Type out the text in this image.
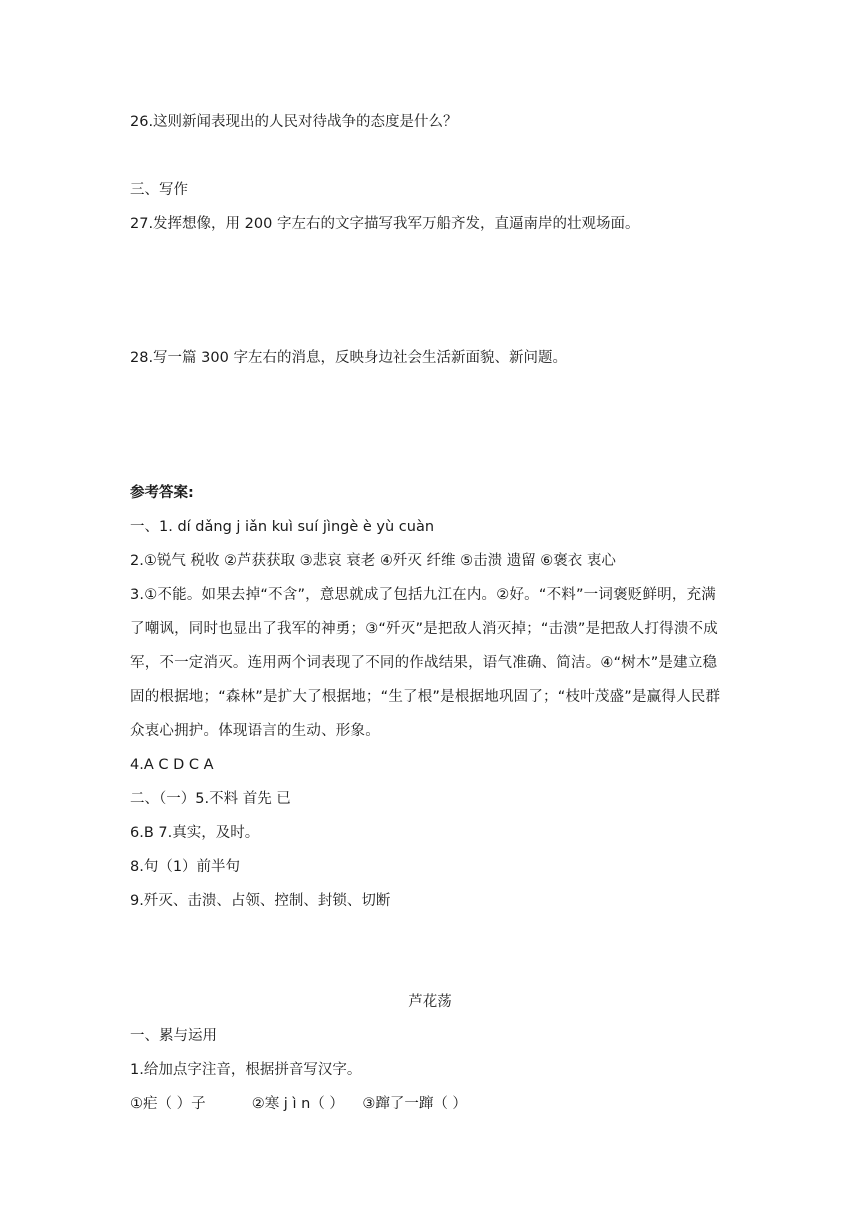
26.这则新闻表现出的人民对待战争的态度是什么？
三、写作
27.发挥想像，用 200 字左右的文字描写我军万船齐发，直逼南岸的壮观场面。
28.写一篇 300 字左右的消息，反映身边社会生活新面貌、新问题。
参考答案:
一、1. dí dǎng j iǎn kuì suí jìngè è yù cuàn
2.①锐气 税收 ②芦获获取 ③悲哀 衰老 ④歼灭 纤维 ⑤击溃 遗留 ⑥褒衣 衷心
3.①不能。如果去掉“不含”，意思就成了包括九江在内。②好。“不料”一词褒贬鲜明，充满了嘲讽，同时也显出了我军的神勇；③“歼灭”是把敌人消灭掉；“击溃”是把敌人打得溃不成军，不一定消灭。连用两个词表现了不同的作战结果，语气准确、简洁。④“树木”是建立稳固的根据地；“森林”是扩大了根据地；“生了根”是根据地巩固了；“枝叶茂盛”是赢得人民群众衷心拥护。体现语言的生动、形象。
4.A C D C A
二、（一）5.不料 首先 已
6.B 7.真实，及时。
8.句（1）前半句
9.歼灭、击溃、占领、控制、封锁、切断
芦花荡
一、累与运用
1.给加点字注音，根据拼音写汉字。
①疟（ ）子          ②寒 j ì n（ ）    ③蹿了一蹿（ ）
